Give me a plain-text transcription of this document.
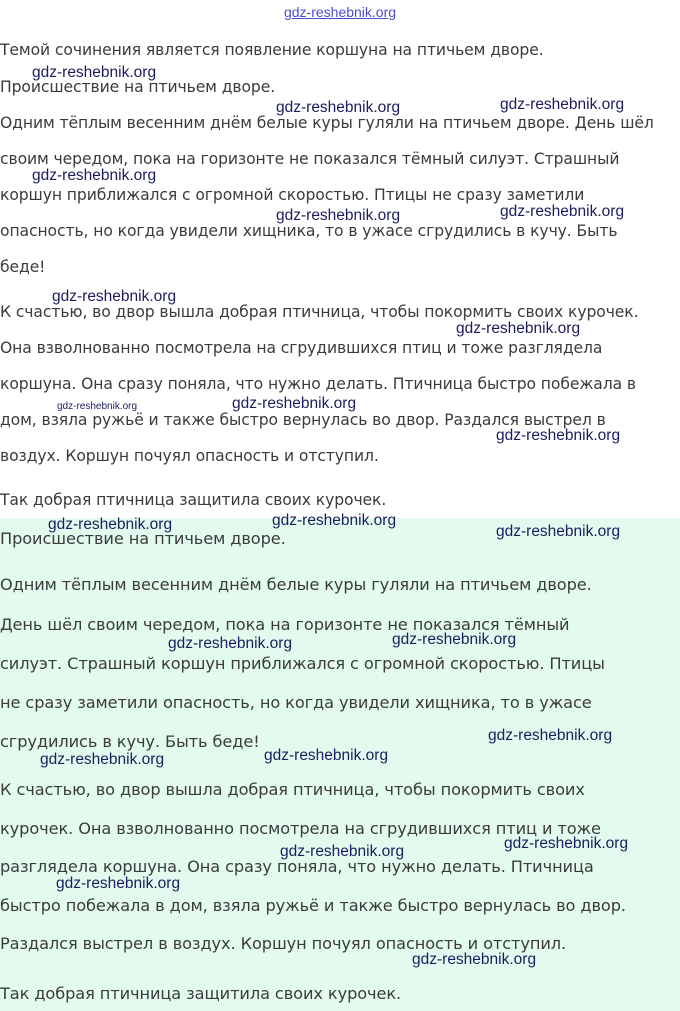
gdz-reshebnik.org
Темой сочинения является появление коршуна на птичьем дворе.
Происшествие на птичьем дворе.
Одним тёплым весенним днём белые куры гуляли на птичьем дворе. День шёл
своим чередом, пока на горизонте не показался тёмный силуэт. Страшный
коршун приближался с огромной скоростью. Птицы не сразу заметили
опасность, но когда увидели хищника, то в ужасе сгрудились в кучу. Быть
беде!
К счастью, во двор вышла добрая птичница, чтобы покормить своих курочек.
Она взволнованно посмотрела на сгрудившихся птиц и тоже разглядела
коршуна. Она сразу поняла, что нужно делать. Птичница быстро побежала в
дом, взяла ружьё и также быстро вернулась во двор. Раздался выстрел в
воздух. Коршун почуял опасность и отступил.
Так добрая птичница защитила своих курочек.
Происшествие на птичьем дворе.
Одним тёплым весенним днём белые куры гуляли на птичьем дворе.
День шёл своим чередом, пока на горизонте не показался тёмный
силуэт. Страшный коршун приближался с огромной скоростью. Птицы
не сразу заметили опасность, но когда увидели хищника, то в ужасе
сгрудились в кучу. Быть беде!
К счастью, во двор вышла добрая птичница, чтобы покормить своих
курочек. Она взволнованно посмотрела на сгрудившихся птиц и тоже
разглядела коршуна. Она сразу поняла, что нужно делать. Птичница
быстро побежала в дом, взяла ружьё и также быстро вернулась во двор.
Раздался выстрел в воздух. Коршун почуял опасность и отступил.
Так добрая птичница защитила своих курочек.
gdz-reshebnik.org
gdz-reshebnik.org	gdz-reshebnik.org
gdz-reshebnik.org
gdz-reshebnik.org	gdz-reshebnik.org
gdz-reshebnik.org
gdz-reshebnik.org
gdz-reshebnik.org	gdz-reshebnik.org
gdz-reshebnik.org
gdz-reshebnik.org	gdz-reshebnik.org
gdz-reshebnik.org
gdz-reshebnik.org	gdz-reshebnik.org
gdz-reshebnik.org
gdz-reshebnik.org	gdz-reshebnik.org
gdz-reshebnik.org	gdz-reshebnik.org
gdz-reshebnik.org
gdz-reshebnik.org
